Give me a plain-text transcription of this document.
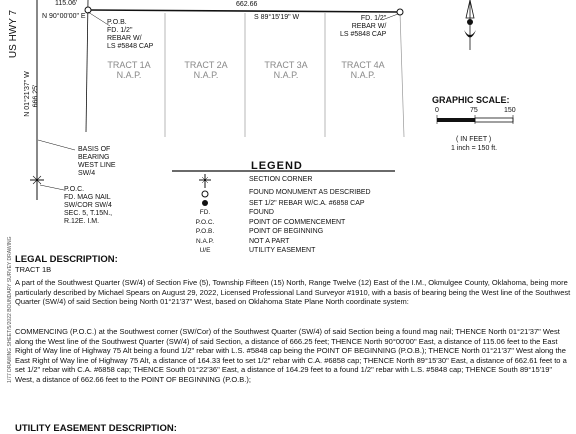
US HWY 7
115.06'
N 90°00'00" E
662.66
S 89°15'19" W
P.O.B.
FD. 1/2"
REBAR W/
LS #5848 CAP
FD. 1/2"
REBAR W/
LS #5848 CAP
TRACT 1A
N.A.P.
TRACT 2A
N.A.P.
TRACT 3A
N.A.P.
TRACT 4A
N.A.P.
N 01°21'37" W 666.25'
BASIS OF
BEARING
WEST LINE
SW/4
P.O.C.
FD. MAG NAIL
SW/COR SW/4
SEC. 5, T.15N.,
R.12E. I.M.
GRAPHIC SCALE:
0	75	150
( IN FEET )
1 inch = 150 ft.
LEGEND
SECTION CORNER
FOUND MONUMENT AS DESCRIBED
SET 1/2" REBAR W/C.A. #6858 CAP
FD.	FOUND
P.O.C.	POINT OF COMMENCEMENT
P.O.B.	POINT OF BEGINNING
N.A.P.	NOT A PART
U/E	UTILITY EASEMENT
LEGAL DESCRIPTION:
TRACT 1B
A part of the Southwest Quarter (SW/4) of Section Five (5), Township Fifteen (15) North, Range Twelve (12) East of the I.M., Okmulgee County, Oklahoma, being more particularly described by Michael Spears on August 29, 2022, Licensed Professional Land Surveyor #1910, with a basis of bearing being the West line of the Southwest Quarter (SW/4) of said Section being North 01°21'37" West, based on Oklahoma State Plane North coordinate system:
COMMENCING (P.O.C.) at the Southwest corner (SW/Cor) of the Southwest Quarter (SW/4) of said Section being a found mag nail; THENCE North 01°21'37" West along the West line of the Southwest Quarter (SW/4) of said Section, a distance of 666.25 feet; THENCE North 90°00'00" East, a distance of 115.06 feet to the East Right of Way line of Highway 75 Alt being a found 1/2" rebar with L.S. #5848 cap being the POINT OF BEGINNING (P.O.B.); THENCE North 01°21'37" West along the East Right of Way line of Highway 75 Alt, a distance of 164.33 feet to set 1/2" rebar with C.A. #6858 cap; THENCE North 89°15'30" East, a distance of 662.61 feet to a set 1/2" rebar with C.A. #6858 cap; THENCE South 01°22'36" East, a distance of 164.29 feet to a found 1/2" rebar with L.S. #5848 cap; THENCE South 89°15'19" West, a distance of 662.66 feet to the POINT OF BEGINNING (P.O.B.);
UTILITY EASEMENT DESCRIPTION:
1/77 DRAWING SHEET/5/2022 BOUNDARY SURVEY DRAWING
